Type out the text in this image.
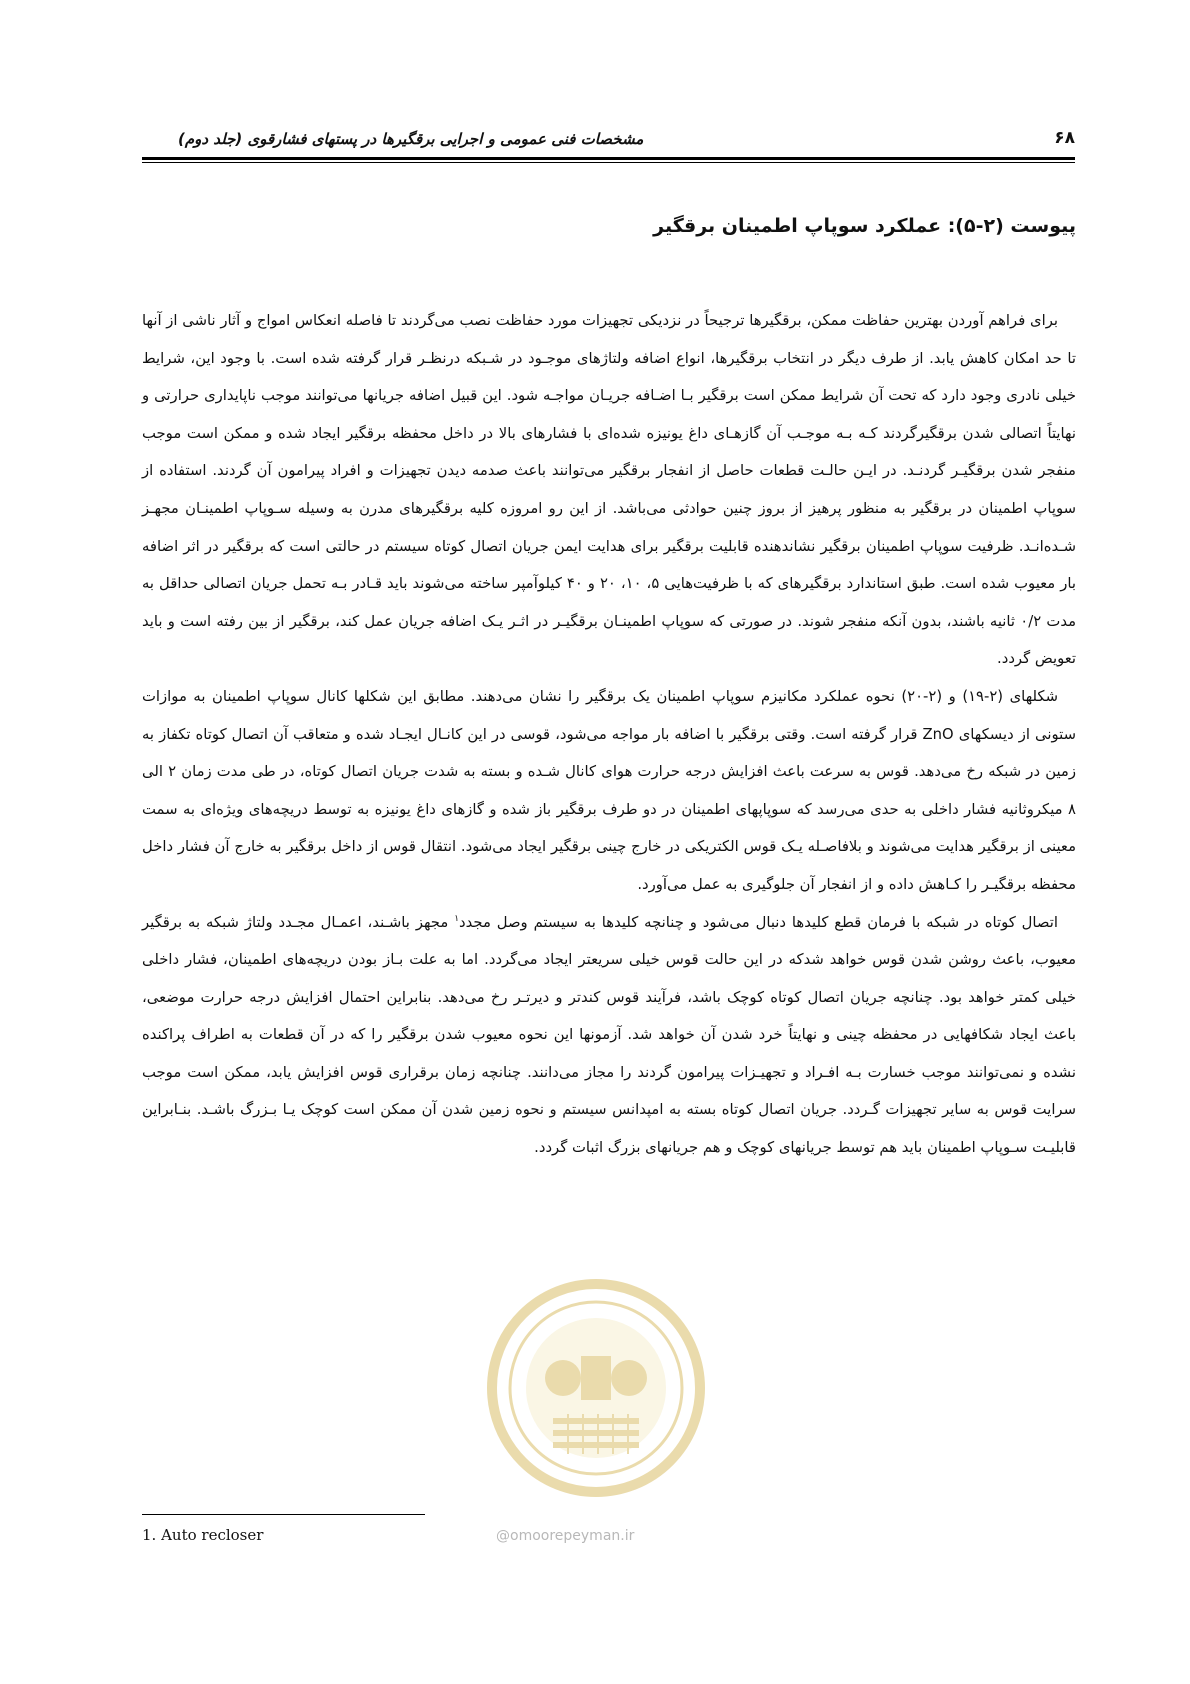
۶۸
مشخصات فنی عمومی و اجرایی برقگیرها در پستهای فشارقوی (جلد دوم)
پیوست (۲-۵): عملکرد سوپاپ اطمینان برقگیر

برای فراهم آوردن بهترین حفاظت ممکن، برقگیرها ترجیحاً در نزدیکی تجهیزات مورد حفاظت نصب می‌گردند تا فاصله انعکاس امواج و آثار ناشی از آنها تا حد امکان کاهش یابد. از طرف دیگر در انتخاب برقگیرها، انواع اضافه ولتاژهای موجـود در شـبکه درنظـر قرار گرفته شده است. با وجود این، شرایط خیلی نادری وجود دارد که تحت آن شرایط ممکن است برقگیر بـا اضـافه جریـان مواجـه شود. این قبیل اضافه جریانها می‌توانند موجب ناپایداری حرارتی و نهایتاً اتصالی شدن برقگیرگردند کـه بـه موجـب آن گازهـای داغ یونیزه شده‌ای با فشارهای بالا در داخل محفظه برقگیر ایجاد شده و ممکن است موجب منفجر شدن برقگیـر گردنـد. در ایـن حالـت قطعات حاصل از انفجار برقگیر می‌توانند باعث صدمه دیدن تجهیزات و افراد پیرامون آن گردند. استفاده از سوپاپ اطمینان در برقگیر به منظور پرهیز از بروز چنین حوادثی می‌باشد. از این رو امروزه کلیه برقگیرهای مدرن به وسیله سـوپاپ اطمینـان مجهـز شـده‌انـد. ظرفیت سوپاپ اطمینان برقگیر نشاندهنده قابلیت برقگیر برای هدایت ایمن جریان اتصال کوتاه سیستم در حالتی است که برقگیر در اثر اضافه بار معیوب شده است. طبق استاندارد برقگیرهای که با ظرفیت‌هایی ۵، ۱۰، ۲۰ و ۴۰ کیلوآمپر ساخته می‌شوند باید قـادر بـه تحمل جریان اتصالی حداقل به مدت ۰/۲ ثانیه باشند، بدون آنکه منفجر شوند. در صورتی که سوپاپ اطمینـان برقگیـر در اثـر یـک اضافه جریان عمل کند، برقگیر از بین رفته است و باید تعویض گردد.

شکلهای (۲-۱۹) و (۲-۲۰) نحوه عملکرد مکانیزم سوپاپ اطمینان یک برقگیر را نشان می‌دهند. مطابق این شکلها کانال سوپاپ اطمینان به موازات ستونی از دیسکهای ZnO قرار گرفته است. وقتی برقگیر با اضافه بار مواجه می‌شود، قوسی در این کانـال ایجـاد شده و متعاقب آن اتصال کوتاه تکفاز به زمین در شبکه رخ می‌دهد. قوس به سرعت باعث افزایش درجه حرارت هوای کانال شـده و بسته به شدت جریان اتصال کوتاه، در طی مدت زمان ۲ الی ۸ میکروثانیه فشار داخلی به حدی می‌رسد که سوپاپهای اطمینان در دو طرف برقگیر باز شده و گازهای داغ یونیزه به توسط دریچه‌های ویژه‌ای به سمت معینی از برقگیر هدایت می‌شوند و بلافاصـله یـک قوس الکتریکی در خارج چینی برقگیر ایجاد می‌شود. انتقال قوس از داخل برقگیر به خارج آن فشار داخل محفظه برقگیـر را کـاهش داده و از انفجار آن جلوگیری به عمل می‌آورد.

اتصال کوتاه در شبکه با فرمان قطع کلیدها دنبال می‌شود و چنانچه کلیدها به سیستم وصل مجدد$^۱$ مجهز باشـند، اعمـال مجـدد ولتاژ شبکه به برقگیر معیوب، باعث روشن شدن قوس خواهد شدکه در این حالت قوس خیلی سریعتر ایجاد می‌گردد. اما به علت بـاز بودن دریچه‌های اطمینان، فشار داخلی خیلی کمتر خواهد بود. چنانچه جریان اتصال کوتاه کوچک باشد، فرآیند قوس کندتر و دیرتـر رخ می‌دهد. بنابراین احتمال افزایش درجه حرارت موضعی، باعث ایجاد شکافهایی در محفظه چینی و نهایتاً خرد شدن آن خواهد شد. آزمونها این نحوه معیوب شدن برقگیر را که در آن قطعات به اطراف پراکنده نشده و نمی‌توانند موجب خسارت بـه افـراد و تجهیـزات پیرامون گردند را مجاز می‌دانند. چنانچه زمان برقراری قوس افزایش یابد، ممکن است موجب سرایت قوس به سایر تجهیزات گـردد. جریان اتصال کوتاه بسته به امپدانس سیستم و نحوه زمین شدن آن ممکن است کوچک یـا بـزرگ باشـد. بنـابراین قابلیـت سـوپاپ اطمینان باید هم توسط جریانهای کوچک و هم جریانهای بزرگ اثبات گردد.

@omoorepeyman.ir
1. Auto recloser
